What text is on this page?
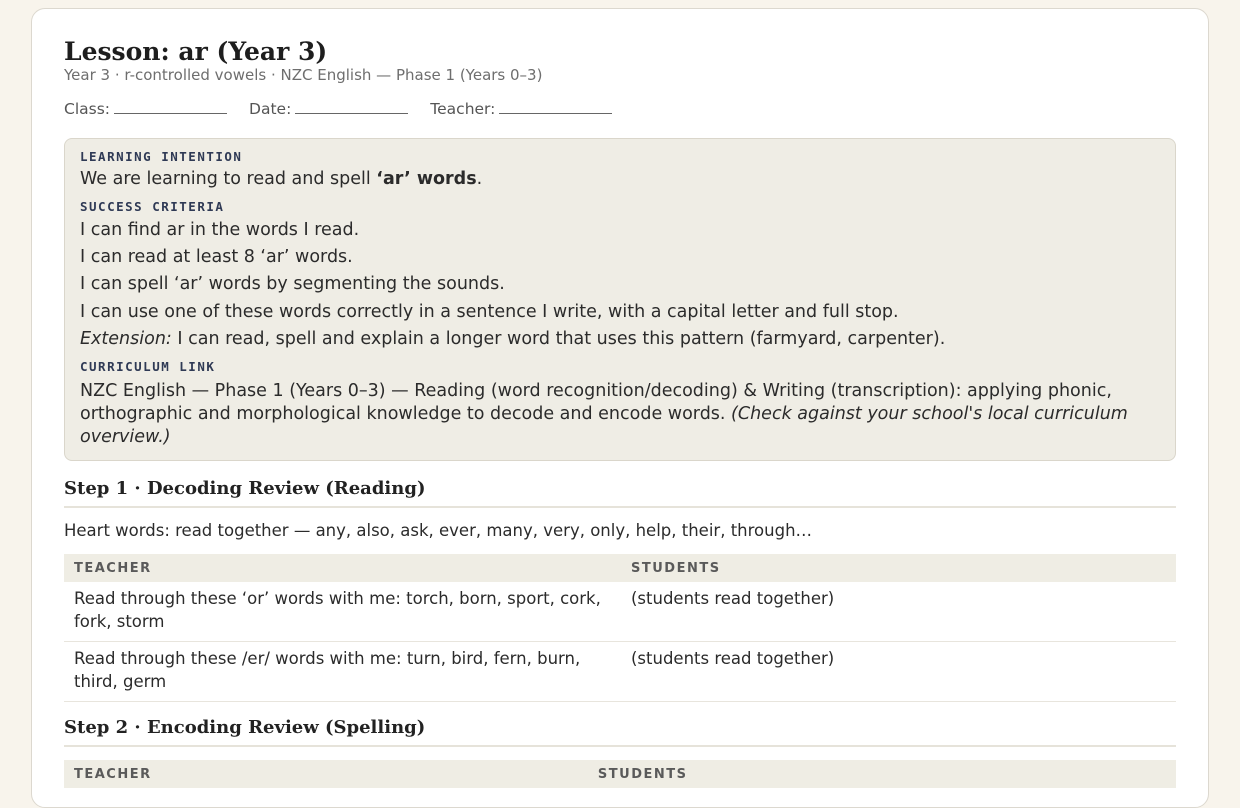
Lesson: ar (Year 3)
Year 3 · r-controlled vowels · NZC English — Phase 1 (Years 0–3)
Class:	Date:	Teacher:
LEARNING INTENTION

We are learning to read and spell ‘ar’ words.

SUCCESS CRITERIA
I can find ar in the words I read.
I can read at least 8 ‘ar’ words.
I can spell ‘ar’ words by segmenting the sounds.
I can use one of these words correctly in a sentence I write, with a capital letter and full stop.
Extension: I can read, spell and explain a longer word that uses this pattern (farmyard, carpenter).
CURRICULUM LINK
NZC English — Phase 1 (Years 0–3) — Reading (word recognition/decoding) & Writing (transcription): applying phonic, orthographic and morphological knowledge to decode and encode words. (Check against your school's local curriculum overview.)
Step 1 · Decoding Review (Reading)
Heart words: read together — any, also, ask, ever, many, very, only, help, their, through…
TEACHER	STUDENTS
Read through these ‘or’ words with me: torch, born, sport, cork, fork, storm	(students read together)
Read through these /er/ words with me: turn, bird, fern, burn, third, germ	(students read together)
Step 2 · Encoding Review (Spelling)
TEACHER	STUDENTS
